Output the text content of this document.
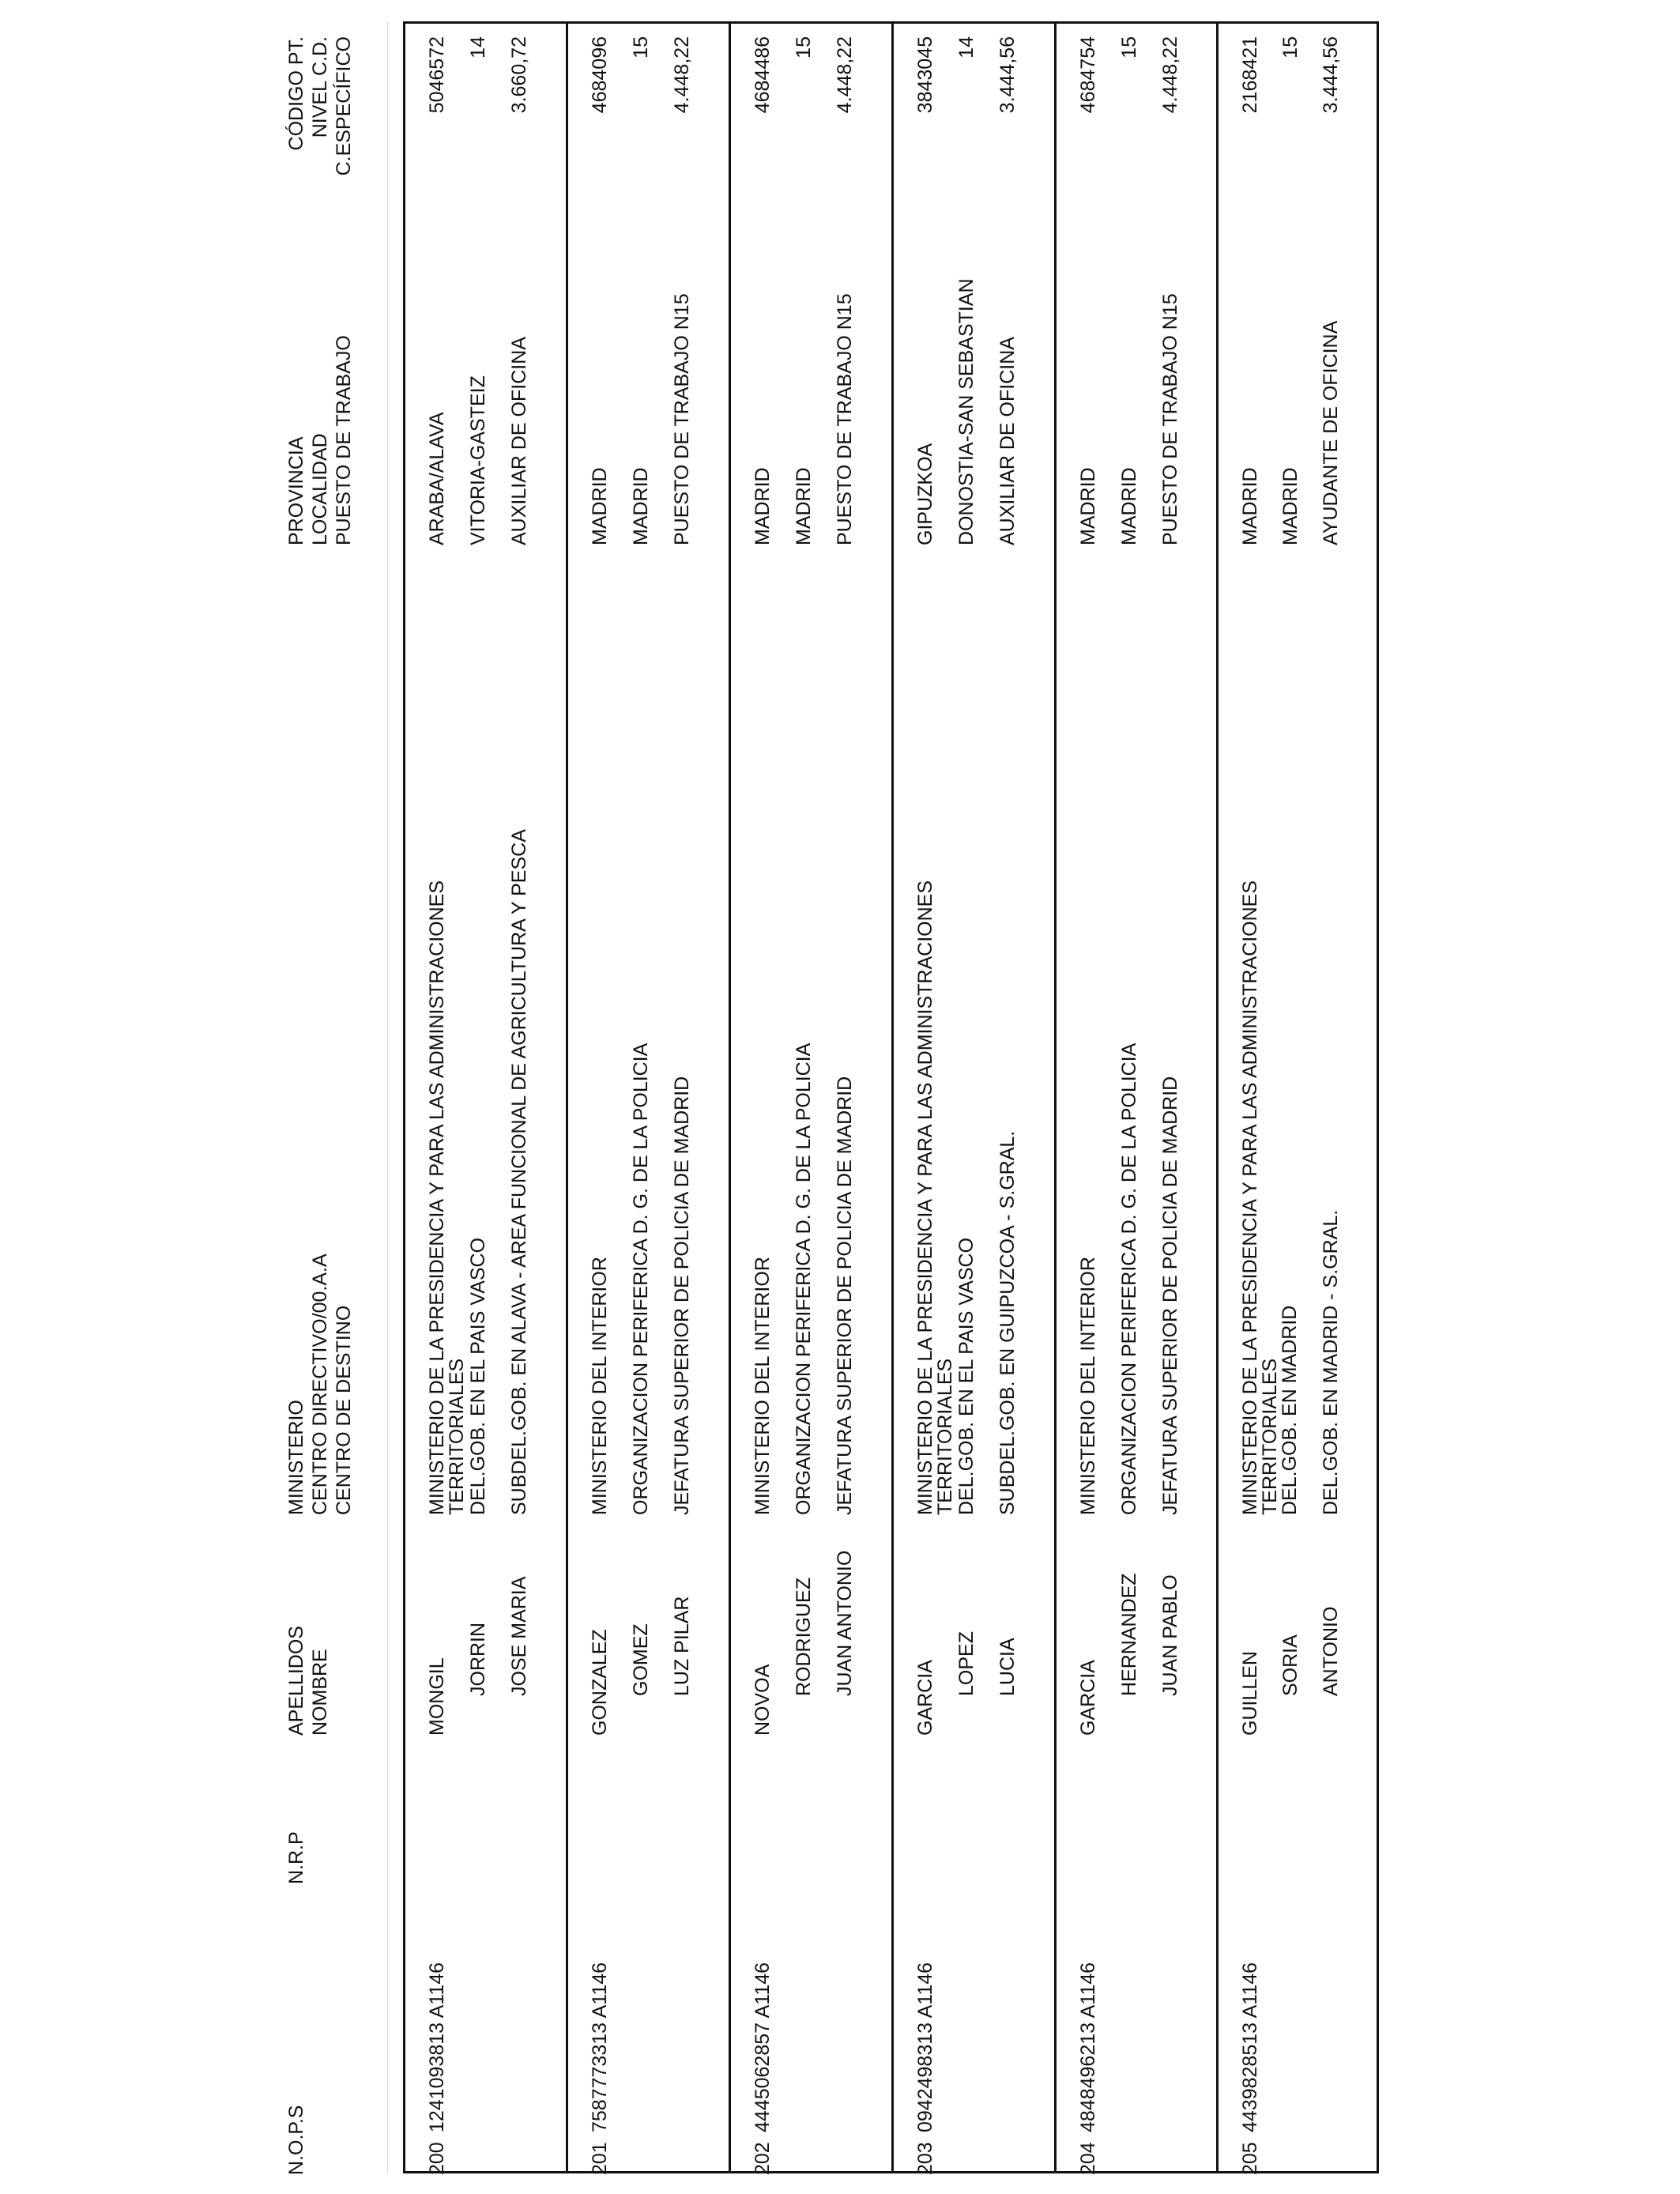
N.O.P.S

N.R.P

APELLIDOS NOMBRE

MINISTERIO CENTRO DIRECTIVO/00.A.A CENTRO DE DESTINO

PROVINCIA LOCALIDAD PUESTO DE TRABAJO

CÓDIGO PT. NIVEL C.D. C.ESPECÍFICO

200

1241093813 A1146

MONGIL JORRIN JOSE MARIA

MINISTERIO DE LA PRESIDENCIA Y PARA LAS ADMINISTRACIONES

TERRITORIALES DEL.GOB. EN EL PAIS VASCO SUBDEL.GOB. EN ALAVA - AREA FUNCIONAL DE AGRICULTURA Y PESCA

ARABA/ALAVA VITORIA-GASTEIZ AUXILIAR DE OFICINA

5046572 14 3.660,72

201

7587773313 A1146

GONZALEZ GOMEZ LUZ PILAR

MINISTERIO DEL INTERIOR ORGANIZACION PERIFERICA D. G. DE LA POLICIA JEFATURA SUPERIOR DE POLICIA DE MADRID

MADRID MADRID PUESTO DE TRABAJO N15

4684096 15 4.448,22

202

4445062857 A1146

NOVOA

RODRIGUEZ JUAN ANTONIO

MINISTERIO DEL INTERIOR ORGANIZACION PERIFERICA D. G. DE LA POLICIA JEFATURA SUPERIOR DE POLICIA DE MADRID

MADRID MADRID PUESTO DE TRABAJO N15

4684486 15 4.448,22

203

0942498313 A1146

GARCIA LOPEZ LUCIA

MINISTERIO DE LA PRESIDENCIA Y PARA LAS ADMINISTRACIONES

TERRITORIALES DEL.GOB. EN EL PAIS VASCO SUBDEL.GOB. EN GUIPUZCOA - S.GRAL.

GIPUZKOA DONOSTIA-SAN SEBASTIAN AUXILIAR DE OFICINA

3843045 14 3.444,56

204

4848496213 A1146

GARCIA

HERNANDEZ JUAN PABLO

MINISTERIO DEL INTERIOR ORGANIZACION PERIFERICA D. G. DE LA POLICIA JEFATURA SUPERIOR DE POLICIA DE MADRID

MADRID MADRID PUESTO DE TRABAJO N15

4684754 15 4.448,22

205

4439828513 A1146

GUILLEN SORIA ANTONIO

MINISTERIO DE LA PRESIDENCIA Y PARA LAS ADMINISTRACIONES

TERRITORIALES

DEL.GOB. EN MADRID DEL.GOB. EN MADRID - S.GRAL.

MADRID MADRID AYUDANTE DE OFICINA

2168421 15 3.444,56
